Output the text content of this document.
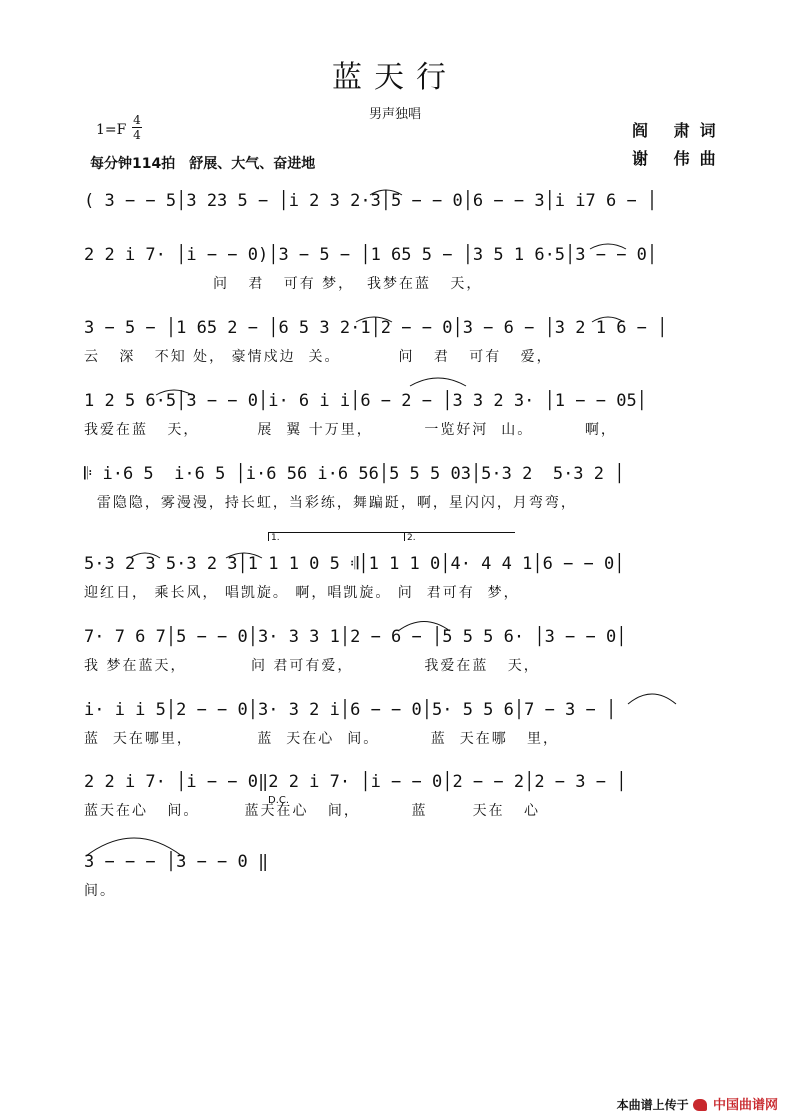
蓝天行
男声独唱
1=F
4
4
每分钟114拍　舒展、大气、奋进地
阎 肃词
谢 伟曲
( 3 − − 5│3 23 5 − │i 2 3 2·3│5 − − 0│6 − − 3│i i7 6 − │
2 2 i 7· │i − − 0)│3 − 5 − │1 65 5 − │3 5 1 6·5│3 − − 0│
问   君   可有 梦，  我梦在蓝   天，
3 − 5 − │1 65 2 − │6 5 3 2·1│2 − − 0│3 − 6 − │3 2 1 6 − │
云   深   不知 处， 豪情戍边  关。         问   君   可有   爱，
1 2 5 6·5│3 − − 0│i· 6 i i│6 − 2 − │3 3 2 3· │1 − − 05│
我爱在蓝   天，         展  翼 十万里，        一览好河  山。        啊，
𝄆 i·6 5  i·6 5 │i·6 56 i·6 56│5 5 5 03│5·3 2  5·3 2 │
雷隐隐，雾漫漫，持长虹，当彩练，舞蹁跹，啊，星闪闪，月弯弯，
1.	2.
5·3 2 3 5·3 2 3│1 1 1 0 5 𝄇│1 1 1 0│4· 4 4 1│6 − − 0│
迎红日， 乘长风， 唱凯旋。 啊，唱凯旋。 问  君可有  梦，
7· 7 6 7│5 − − 0│3· 3 3 1│2 − 6 − │5 5 5 6· │3 − − 0│
我 梦在蓝天，          问 君可有爱，           我爱在蓝   天，
i· i i 5│2 − − 0│3· 3 2 i│6 − − 0│5· 5 5 6│7 − 3 − │
蓝  天在哪里，          蓝  天在心  间。        蓝  天在哪   里，
2 2 i 7· │i − − 0‖2 2 i 7· │i − − 0│2 − − 2│2 − 3 − │
D.C.
蓝天在心   间。       蓝天在心   间，        蓝       天在   心
3 − − − │3 − − 0 ‖
间。
本曲谱上传于 中国曲谱网
